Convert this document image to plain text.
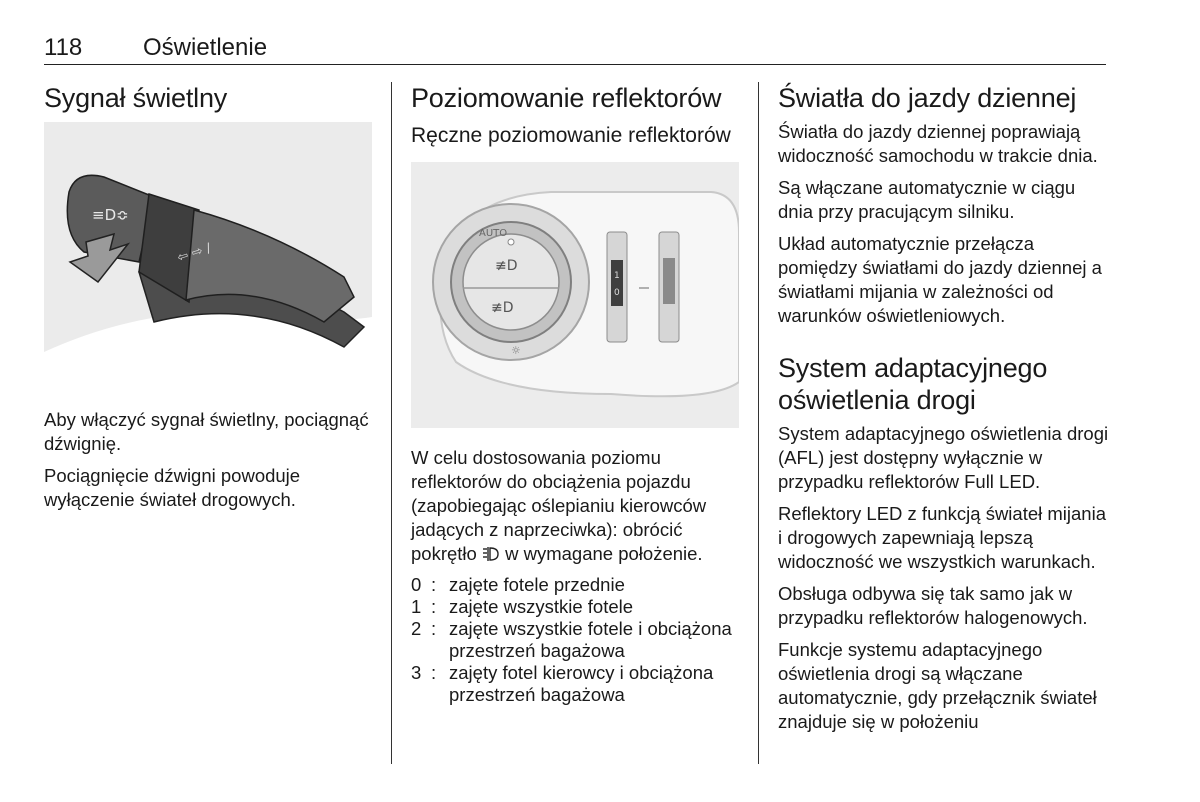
118	Oświetlenie
Sygnał świetlny
≡D≎
⇦ ⇨ /

Aby włączyć sygnał świetlny, pociągnąć dźwignię.

Pociągnięcie dźwigni powoduje wyłączenie świateł drogowych.

Poziomowanie reflektorów
Ręczne poziomowanie reflektorów
≢D
≢D
AUTO
☼
1
0

W celu dostosowania poziomu reflektorów do obciążenia pojazdu (zapobiegając oślepianiu kierowców jadących z naprzeciwka): obrócić pokrętło w wymagane położenie.

0 : zajęte fotele przednie
1 : zajęte wszystkie fotele
2 : zajęte wszystkie fotele i obciążona przestrzeń bagażowa
3 : zajęty fotel kierowcy i obciążona przestrzeń bagażowa
Światła do jazdy dziennej

Światła do jazdy dziennej poprawiają widoczność samochodu w trakcie dnia.

Są włączane automatycznie w ciągu dnia przy pracującym silniku.

Układ automatycznie przełącza pomiędzy światłami do jazdy dziennej a światłami mijania w zależności od warunków oświetleniowych.

System adaptacyjnego oświetlenia drogi

System adaptacyjnego oświetlenia drogi (AFL) jest dostępny wyłącznie w przypadku reflektorów Full LED.

Reflektory LED z funkcją świateł mijania i drogowych zapewniają lepszą widoczność we wszystkich warunkach.

Obsługa odbywa się tak samo jak w przypadku reflektorów halogenowych.

Funkcje systemu adaptacyjnego oświetlenia drogi są włączane automatycznie, gdy przełącznik świateł znajduje się w położeniu
